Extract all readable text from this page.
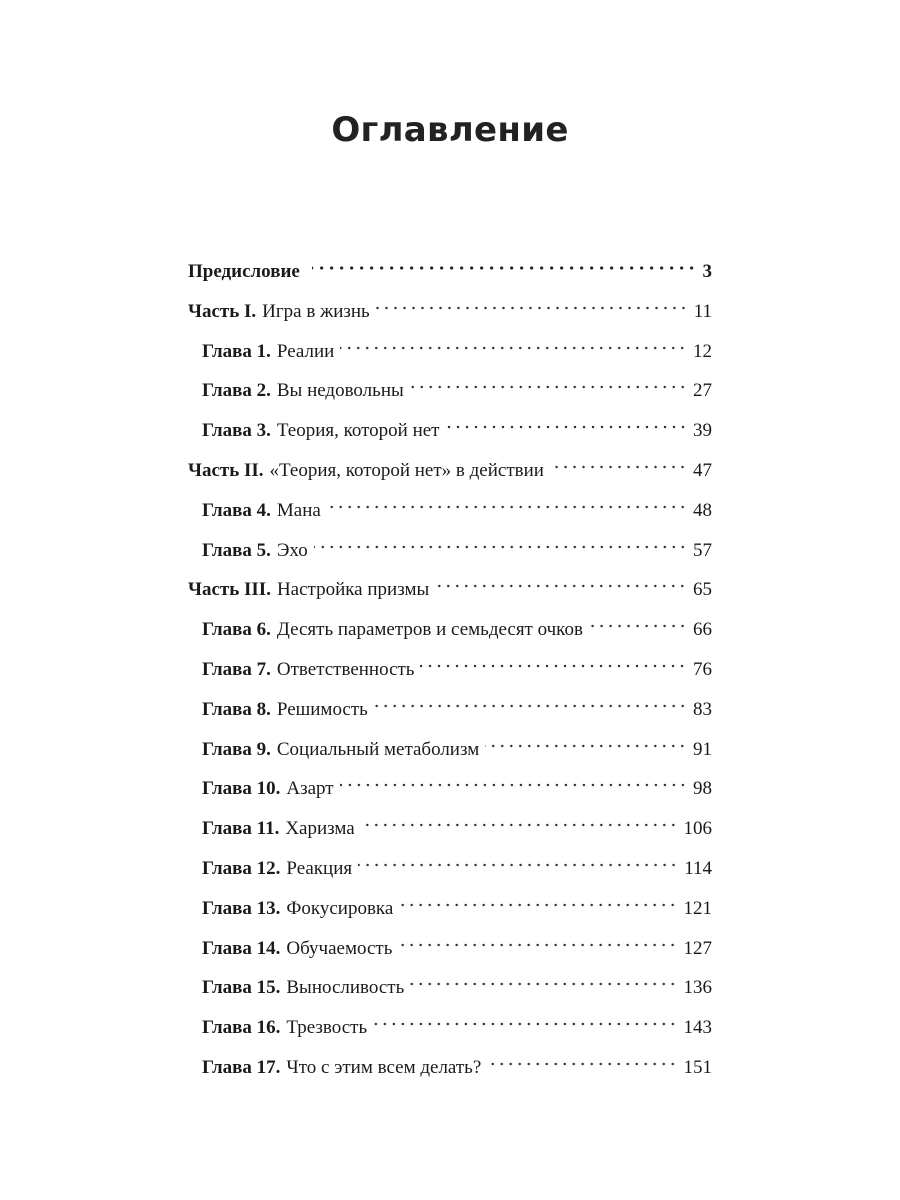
Оглавление
Предисловие	3
Часть I. Игра в жизнь	11
Глава 1. Реалии	12
Глава 2. Вы недовольны	27
Глава 3. Теория, которой нет	39
Часть II. «Теория, которой нет» в действии	47
Глава 4. Мана	48
Глава 5. Эхо	57
Часть III. Настройка призмы	65
Глава 6. Десять параметров и семьдесят очков	66
Глава 7. Ответственность	76
Глава 8. Решимость	83
Глава 9. Социальный метаболизм	91
Глава 10. Азарт	98
Глава 11. Харизма	106
Глава 12. Реакция	114
Глава 13. Фокусировка	121
Глава 14. Обучаемость	127
Глава 15. Выносливость	136
Глава 16. Трезвость	143
Глава 17. Что с этим всем делать?	151
